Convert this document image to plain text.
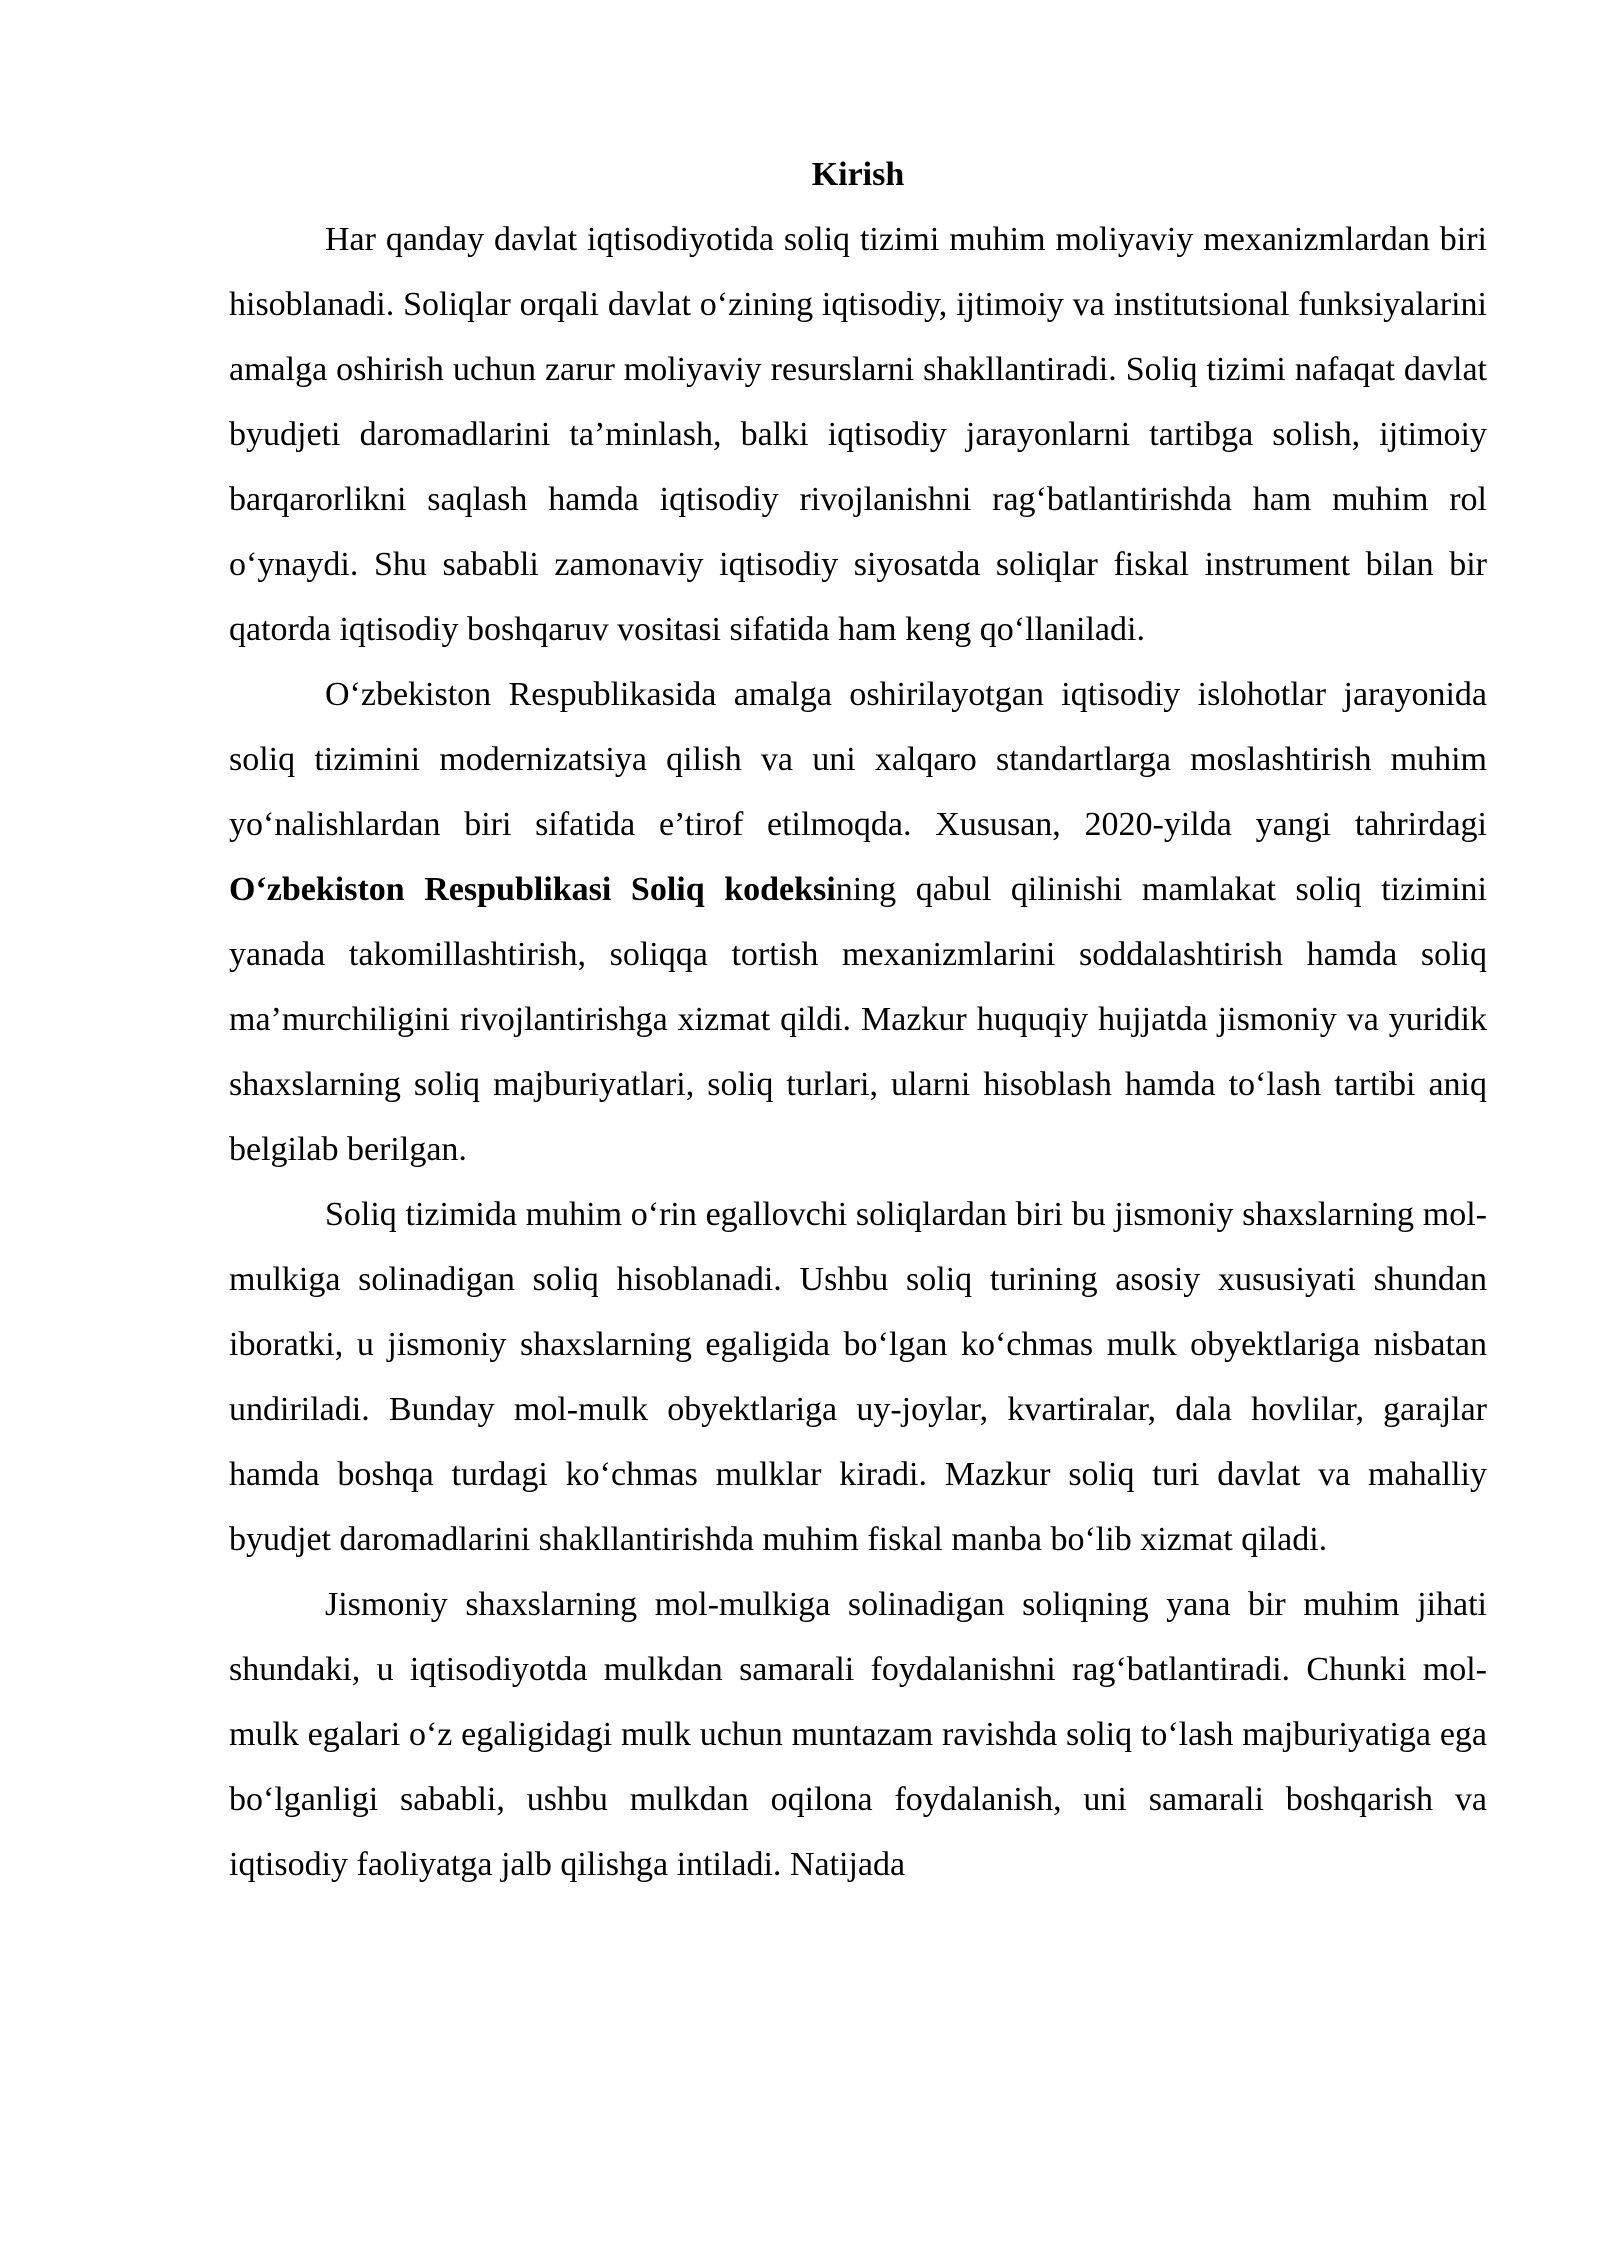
Kirish

Har qanday davlat iqtisodiyotida soliq tizimi muhim moliyaviy mexanizmlardan biri hisoblanadi. Soliqlar orqali davlat o‘zining iqtisodiy, ijtimoiy va institutsional funksiyalarini amalga oshirish uchun zarur moliyaviy resurslarni shakllantiradi. Soliq tizimi nafaqat davlat byudjeti daromadlarini ta’minlash, balki iqtisodiy jarayonlarni tartibga solish, ijtimoiy barqarorlikni saqlash hamda iqtisodiy rivojlanishni rag‘batlantirishda ham muhim rol o‘ynaydi. Shu sababli zamonaviy iqtisodiy siyosatda soliqlar fiskal instrument bilan bir qatorda iqtisodiy boshqaruv vositasi sifatida ham keng qo‘llaniladi.

O‘zbekiston Respublikasida amalga oshirilayotgan iqtisodiy islohotlar jarayonida soliq tizimini modernizatsiya qilish va uni xalqaro standartlarga moslashtirish muhim yo‘nalishlardan biri sifatida e’tirof etilmoqda. Xususan, 2020-yilda yangi tahrirdagi O‘zbekiston Respublikasi Soliq kodeksining qabul qilinishi mamlakat soliq tizimini yanada takomillashtirish, soliqqa tortish mexanizmlarini soddalashtirish hamda soliq ma’murchiligini rivojlantirishga xizmat qildi. Mazkur huquqiy hujjatda jismoniy va yuridik shaxslarning soliq majburiyatlari, soliq turlari, ularni hisoblash hamda to‘lash tartibi aniq belgilab berilgan.

Soliq tizimida muhim o‘rin egallovchi soliqlardan biri bu jismoniy shaxslarning mol-mulkiga solinadigan soliq hisoblanadi. Ushbu soliq turining asosiy xususiyati shundan iboratki, u jismoniy shaxslarning egaligida bo‘lgan ko‘chmas mulk obyektlariga nisbatan undiriladi. Bunday mol-mulk obyektlariga uy-joylar, kvartiralar, dala hovlilar, garajlar hamda boshqa turdagi ko‘chmas mulklar kiradi. Mazkur soliq turi davlat va mahalliy byudjet daromadlarini shakllantirishda muhim fiskal manba bo‘lib xizmat qiladi.

Jismoniy shaxslarning mol-mulkiga solinadigan soliqning yana bir muhim jihati shundaki, u iqtisodiyotda mulkdan samarali foydalanishni rag‘batlantiradi. Chunki mol-mulk egalari o‘z egaligidagi mulk uchun muntazam ravishda soliq to‘lash majburiyatiga ega bo‘lganligi sababli, ushbu mulkdan oqilona foydalanish, uni samarali boshqarish va iqtisodiy faoliyatga jalb qilishga intiladi. Natijada
